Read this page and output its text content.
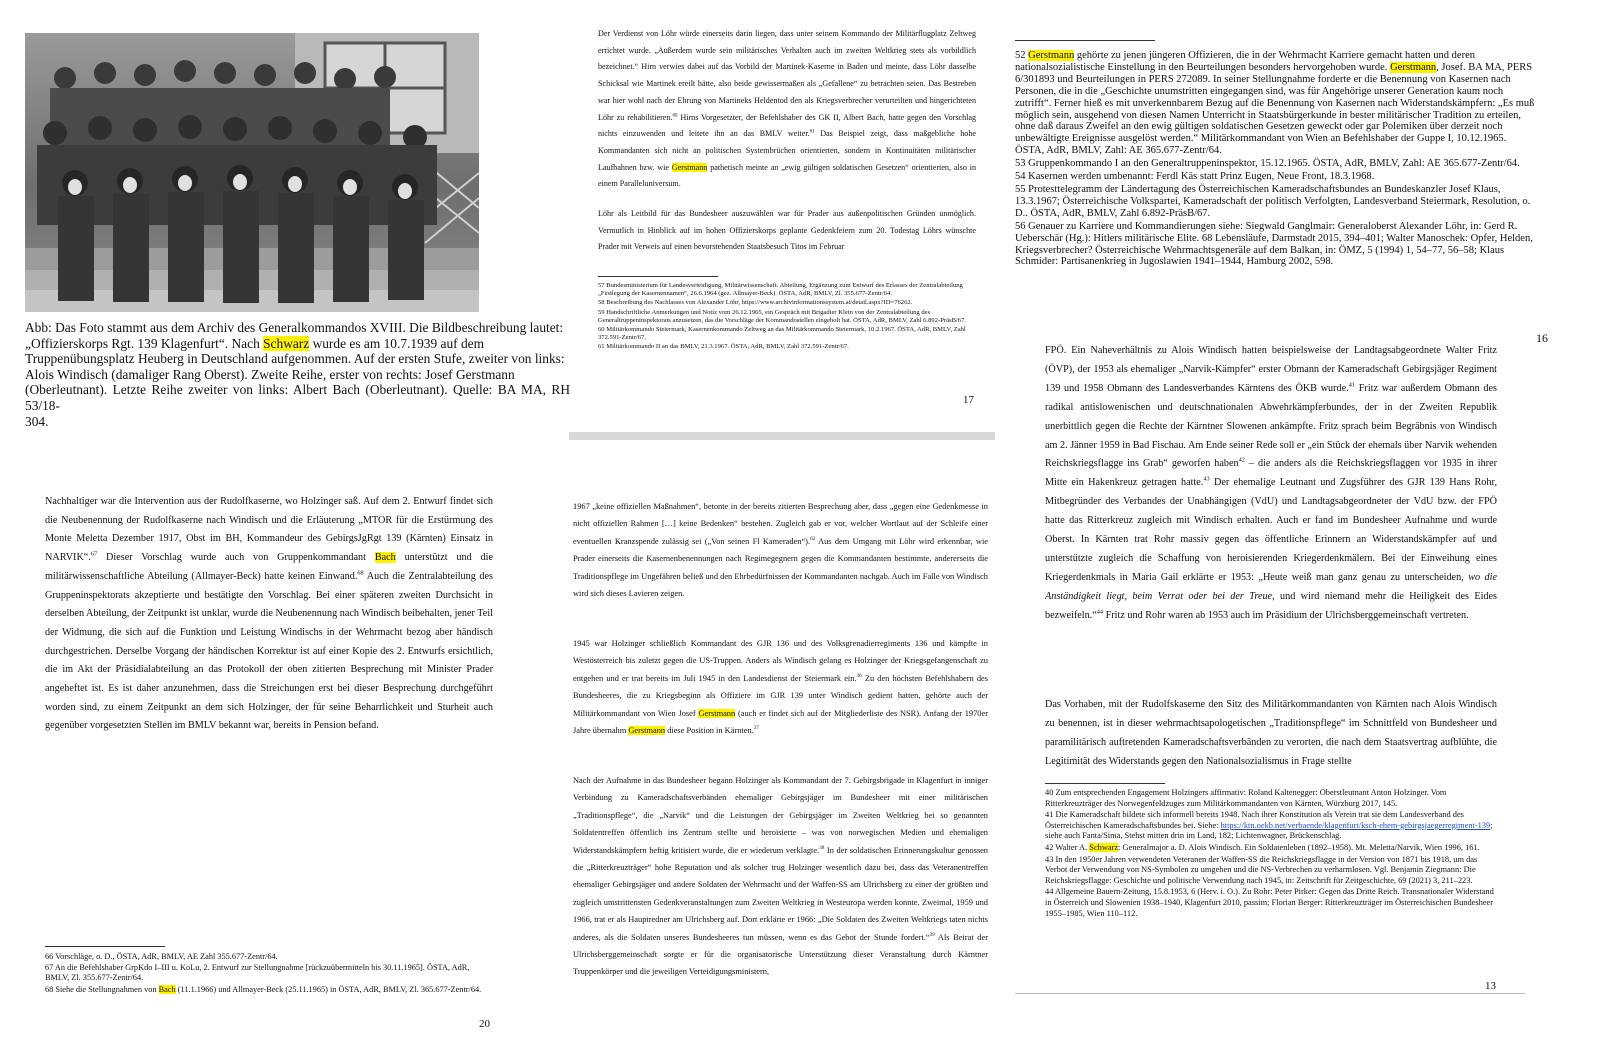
Abb: Das Foto stammt aus dem Archiv des Generalkommandos XVIII. Die Bildbeschreibung lautet:
„Offizierskorps Rgt. 139 Klagenfurt“. Nach Schwarz wurde es am 10.7.1939 auf dem
Truppenübungsplatz Heuberg in Deutschland aufgenommen. Auf der ersten Stufe, zweiter von links:
Alois Windisch (damaliger Rang Oberst). Zweite Reihe, erster von rechts: Josef Gerstmann
(Oberleutnant). Letzte Reihe zweiter von links: Albert Bach (Oberleutnant). Quelle: BA MA, RH 53/18-
304.

Nachhaltiger war die Intervention aus der Rudolfkaserne, wo Holzinger saß. Auf dem 2. Entwurf findet sich die Neubenennung der Rudolfkaserne nach Windisch und die Erläuterung „MTOR für die Erstürmung des Monte Meletta Dezember 1917, Obst im BH, Kommandeur des GebirgsJgRgt 139 (Kärnten) Einsatz in NARVIK“.$^{67}$ Dieser Vorschlag wurde auch von Gruppenkommandant Bach unterstützt und die militärwissenschaftliche Abteilung (Allmayer-Beck) hatte keinen Einwand.$^{68}$ Auch die Zentralabteilung des Gruppeninspektorats akzeptierte und bestätigte den Vorschlag. Bei einer späteren zweiten Durchsicht in derselben Abteilung, der Zeitpunkt ist unklar, wurde die Neubenennung nach Windisch beibehalten, jener Teil der Widmung, die sich auf die Funktion und Leistung Windischs in der Wehrmacht bezog aber händisch durchgestrichen. Derselbe Vorgang der händischen Korrektur ist auf einer Kopie des 2. Entwurfs ersichtlich, die im Akt der Präsidialabteilung an das Protokoll der oben zitierten Besprechung mit Minister Prader angeheftet ist. Es ist daher anzunehmen, dass die Streichungen erst bei dieser Besprechung durchgeführt worden sind, zu einem Zeitpunkt an dem sich Holzinger, der für seine Beharrlichkeit und Sturheit auch gegenüber vorgesetzten Stellen im BMLV bekannt war, bereits in Pension befand.

66 Vorschläge, o. D., ÖSTA, AdR, BMLV, AE Zahl 355.677-Zentr/64.

67 An die Befehlshaber GrpKdo I–III u. KoLu, 2. Entwurf zur Stellungnahme [rückzuübermitteln bis 30.11.1965]. ÖSTA, AdR, BMLV, Zl. 355.677-Zentr/64.

68 Siehe die Stellungnahmen von Bach (11.1.1966) und Allmayer-Beck (25.11.1965) in ÖSTA, AdR, BMLV, Zl. 365.677-Zentr/64.

20

Der Verdienst von Löhr würde einerseits darin liegen, dass unter seinem Kommando der Militärflugplatz Zeltweg errichtet wurde. „Außerdem wurde sein militärisches Verhalten auch im zweiten Weltkrieg stets als vorbildlich bezeichnet.“ Hirn verwies dabei auf das Vorbild der Martinek-Kaserne in Baden und meinte, dass Löhr dasselbe Schicksal wie Martinek ereilt hätte, also beide gewissermaßen als „Gefallene“ zu betrachten seien. Das Bestreben war hier wohl nach der Ehrung von Martineks Heldentod den als Kriegsverbrecher verurteilten und hingerichteten Löhr zu rehabilitieren.$^{60}$ Hirns Vorgesetzter, der Befehlshaber des GK II, Albert Bach, hatte gegen den Vorschlag nichts einzuwenden und leitete ihn an das BMLV weiter.$^{61}$ Das Beispiel zeigt, dass maßgebliche hohe Kommandanten sich nicht an politischen Systembrüchen orientierten, sondern in Kontinuitäten militärischer Laufbahnen bzw. wie Gerstmann pathetisch meinte an „ewig gültigen soldatischen Gesetzen“ orientierten, also in einem Paralleluniversum.

Löhr als Leitbild für das Bundesheer auszuwählen war für Prader aus außenpolitischen Gründen unmöglich. Vermutlich in Hinblick auf im hohen Offizierskorps geplante Gedenkfeiern zum 20. Todestag Löhrs wünschte Prader mit Verweis auf einen bevorstehenden Staatsbesuch Titos im Februar

57 Bundesministerium für Landesverteidigung, Militärwissenschaft. Abteilung, Ergänzung zum Entwurf des Erlasses der Zentralabteilung „Festlegung der Kasernennamen“, 26.6.1964 (gez. Allmayer-Beck). ÖSTA, AdR, BMLV, Zl. 355.677-Zentr/64.

58 Beschreibung des Nachlasses von Alexander Löhr, https://www.archivinformationssystem.at/detail.aspx?ID=76262.

59 Handschriftliche Anmerkungen und Notiz vom 26.12.1965, ein Gespräch mit Brigadier Klein von der Zentralabteilung des Generaltruppeninspektorats anzusetzen, das die Vorschläge der Kommandostellen eingeholt hat. ÖSTA, AdR, BMLV, Zahl 6.892-PräsB/67.

60 Militärkommando Steiermark, Kasernenkommando Zeltweg an das Militärkommando Steiermark, 10.2.1967. ÖSTA, AdR, BMLV, Zahl 372.591-Zentr/67.

61 Militärkommando II an das BMLV, 21.3.1967. ÖSTA, AdR, BMLV, Zahl 372.591-Zentr/67.

17

1967 „keine offiziellen Maßnahmen“, betonte in der bereits zitierten Besprechung aber, dass „gegen eine Gedenkmesse in nicht offiziellen Rahmen […] keine Bedenken“ bestehen. Zugleich gab er vor, welcher Wortlaut auf der Schleife einer eventuellen Kranzspende zulässig sei („Von seinen Fl Kameraden“).$^{62}$ Aus dem Umgang mit Löhr wird erkennbar, wie Prader einerseits die Kasernenbenennungen nach Regimegegnern gegen die Kommandanten bestimmte, andererseits die Traditionspflege im Ungefähren beließ und den Ehrbedürfnissen der Kommandanten nachgab. Auch im Falle von Windisch wird sich dieses Lavieren zeigen.

1945 war Holzinger schließlich Kommandant des GJR 136 und des Volksgrenadierregiments 136 und kämpfte in Westösterreich bis zuletzt gegen die US-Truppen. Anders als Windisch gelang es Holzinger der Kriegsgefangenschaft zu entgehen und er trat bereits im Juli 1945 in den Landesdienst der Steiermark ein.$^{36}$ Zu den höchsten Befehlshabern des Bundesheeres, die zu Kriegsbeginn als Offiziere im GJR 139 unter Windisch gedient hatten, gehörte auch der Militärkommandant von Wien Josef Gerstmann (auch er findet sich auf der Mitgliederliste des NSR). Anfang der 1970er Jahre übernahm Gerstmann diese Position in Kärnten.$^{37}$

Nach der Aufnahme in das Bundesheer begann Holzinger als Kommandant der 7. Gebirgsbrigade in Klagenfurt in inniger Verbindung zu Kameradschaftsverbänden ehemaliger Gebirgsjäger im Bundesheer mit einer militärischen „Traditionspflege“, die „Narvik“ und die Leistungen der Gebirgsjäger im Zweiten Weltkrieg bei so genannten Soldatentreffen öffentlich ins Zentrum stellte und heroisierte – was von norwegischen Medien und ehemaligen Widerstandskämpfern heftig kritisiert wurde, die er wiederum verklagte.$^{38}$ In der soldatischen Erinnerungskultur genossen die „Ritterkreuzträger“ hohe Reputation und als solcher trug Holzinger wesentlich dazu bei, dass das Veteranentreffen ehemaliger Gebirgsjäger und andere Soldaten der Wehrmacht und der Waffen-SS am Ulrichsberg zu einer der größten und zugleich umstrittensten Gedenkveranstaltungen zum Zweiten Weltkrieg in Westeuropa werden konnte. Zweimal, 1959 und 1966, trat er als Hauptredner am Ulrichsberg auf. Dort erklärte er 1966: „Die Soldaten des Zweiten Weltkriegs taten nichts anderes, als die Soldaten unseres Bundesheeres tun müssen, wenn es das Gebot der Stunde fordert.“$^{39}$ Als Beirat der Ulrichsberggemeinschaft sorgte er für die organisatorische Unterstützung dieser Veranstaltung durch Kärntner Truppenkörper und die jeweiligen Verteidigungsministern,

52 Gerstmann gehörte zu jenen jüngeren Offizieren, die in der Wehrmacht Karriere gemacht hatten und deren nationalsozialistische Einstellung in den Beurteilungen besonders hervorgehoben wurde. Gerstmann, Josef. BA MA, PERS 6/301893 und Beurteilungen in PERS 272089. In seiner Stellungnahme forderte er die Benennung von Kasernen nach Personen, die in die „Geschichte unumstritten eingegangen sind, was für Angehörige unserer Generation kaum noch zutrifft“. Ferner hieß es mit unverkennbarem Bezug auf die Benennung von Kasernen nach Widerstandskämpfern: „Es muß möglich sein, ausgehend von diesen Namen Unterricht in Staatsbürgerkunde in bester militärischer Tradition zu erteilen, ohne daß daraus Zweifel an den ewig gültigen soldatischen Gesetzen geweckt oder gar Polemiken über derzeit noch unbewältigte Ereignisse ausgelöst werden.“ Militärkommandant von Wien an Befehlshaber der Guppe I, 10.12.1965. ÖSTA, AdR, BMLV, Zahl: AE 365.677-Zentr/64.

53 Gruppenkommando I an den Generaltruppeninspektor, 15.12.1965. ÖSTA, AdR, BMLV, Zahl: AE 365.677-Zentr/64.

54 Kasernen werden umbenannt: Ferdl Käs statt Prinz Eugen, Neue Front, 18.3.1968.

55 Protesttelegramm der Ländertagung des Österreichischen Kameradschaftsbundes an Bundeskanzler Josef Klaus, 13.3.1967; Österreichische Volkspartei, Kameradschaft der politisch Verfolgten, Landesverband Steiermark, Resolution, o. D.. ÖSTA, AdR, BMLV, Zahl 6.892-PräsB/67.

56 Genauer zu Karriere und Kommandierungen siehe: Siegwald Ganglmair: Generaloberst Alexander Löhr, in: Gerd R. Ueberschär (Hg.): Hitlers militärische Elite. 68 Lebensläufe, Darmstadt 2015, 394–401; Walter Manoschek: Opfer, Helden, Kriegsverbrecher? Österreichische Wehrmachtsgeneräle auf dem Balkan, in: ÖMZ, 5 (1994) 1, 54–77, 56–58; Klaus Schmider: Partisanenkrieg in Jugoslawien 1941–1944, Hamburg 2002, 598.

16

FPÖ. Ein Naheverhältnis zu Alois Windisch hatten beispielsweise der Landtagsabgeordnete Walter Fritz (ÖVP), der 1953 als ehemaliger „Narvik-Kämpfer“ erster Obmann der Kameradschaft Gebirgsjäger Regiment 139 und 1958 Obmann des Landesverbandes Kärntens des ÖKB wurde.$^{41}$ Fritz war außerdem Obmann des radikal antislowenischen und deutschnationalen Abwehrkämpferbundes, der in der Zweiten Republik unerbittlich gegen die Rechte der Kärntner Slowenen ankämpfte. Fritz sprach beim Begräbnis von Windisch am 2. Jänner 1959 in Bad Fischau. Am Ende seiner Rede soll er „ein Stück der ehemals über Narvik wehenden Reichskriegsflagge ins Grab“ geworfen haben$^{42}$ – die anders als die Reichskriegsflaggen vor 1935 in ihrer Mitte ein Hakenkreuz getragen hatte.$^{43}$ Der ehemalige Leutnant und Zugsführer des GJR 139 Hans Rohr, Mitbegründer des Verbandes der Unabhängigen (VdU) und Landtagsabgeordneter der VdU bzw. der FPÖ hatte das Ritterkreuz zugleich mit Windisch erhalten. Auch er fand im Bundesheer Aufnahme und wurde Oberst. In Kärnten trat Rohr massiv gegen das öffentliche Erinnern an Widerstandskämpfer auf und unterstützte zugleich die Schaffung von heroisierenden Kriegerdenkmälern. Bei der Einweihung eines Kriegerdenkmals in Maria Gail erklärte er 1953: „Heute weiß man ganz genau zu unterscheiden, wo die Anständigkeit liegt, beim Verrat oder bei der Treue, und wird niemand mehr die Heiligkeit des Eides bezweifeln.“$^{44}$ Fritz und Rohr waren ab 1953 auch im Präsidium der Ulrichsberggemeinschaft vertreten.

Das Vorhaben, mit der Rudolfskaserne den Sitz des Militärkommandanten von Kärnten nach Alois Windisch zu benennen, ist in dieser wehrmachtsapologetischen „Traditionspflege“ im Schnittfeld von Bundesheer und paramilitärisch auftretenden Kameradschaftsverbänden zu verorten, die nach dem Staatsvertrag aufblühte, die Legitimität des Widerstands gegen den Nationalsozialismus in Frage stellte

40 Zum entsprechenden Engagement Holzingers affirmativ: Roland Kaltenegger: Oberstleutnant Anton Holzinger. Vom Ritterkreuzträger des Norwegenfeldzuges zum Militärkommandanten von Kärnten, Würzburg 2017, 145.

41 Die Kameradschaft bildete sich informell bereits 1948. Nach ihrer Konstitution als Verein trat sie dem Landesverband des Österreichischen Kameradschaftsbundes bei. Siehe: https://ktn.oekb.net/verbaende/klagenfurt/ksch-ehem-gebirgsjaegerregiment-139; siehe auch Fanta/Sima, Stehst mitten drin im Land, 182; Lichtenwagner, Brückenschlag.

42 Walter A. Schwarz: Generalmajor a. D. Alois Windisch. Ein Soldatenleben (1892–1958). Mt. Meletta/Narvik, Wien 1996, 161.

43 In den 1950er Jahren verwendeten Veteranen der Waffen-SS die Reichskriegsflagge in der Version von 1871 bis 1918, um das Verbot der Verwendung von NS-Symbolen zu umgehen und die NS-Verbrechen zu verharmlosen. Vgl. Benjamin Ziegmann: Die Reichskriegsflagge: Geschichte und politische Verwendung nach 1945, in: Zeitschrift für Zeitgeschichte, 69 (2021) 3, 211–223.

44 Allgemeine Bauern-Zeitung, 15.8.1953, 6 (Herv. i. O.). Zu Rohr: Peter Pirker: Gegen das Dritte Reich. Transnationaler Widerstand in Österreich und Slowenien 1938–1940, Klagenfurt 2010, passim; Florian Berger: Ritterkreuzträger im Österreichischen Bundesheer 1955–1985, Wien 110–112.

13
